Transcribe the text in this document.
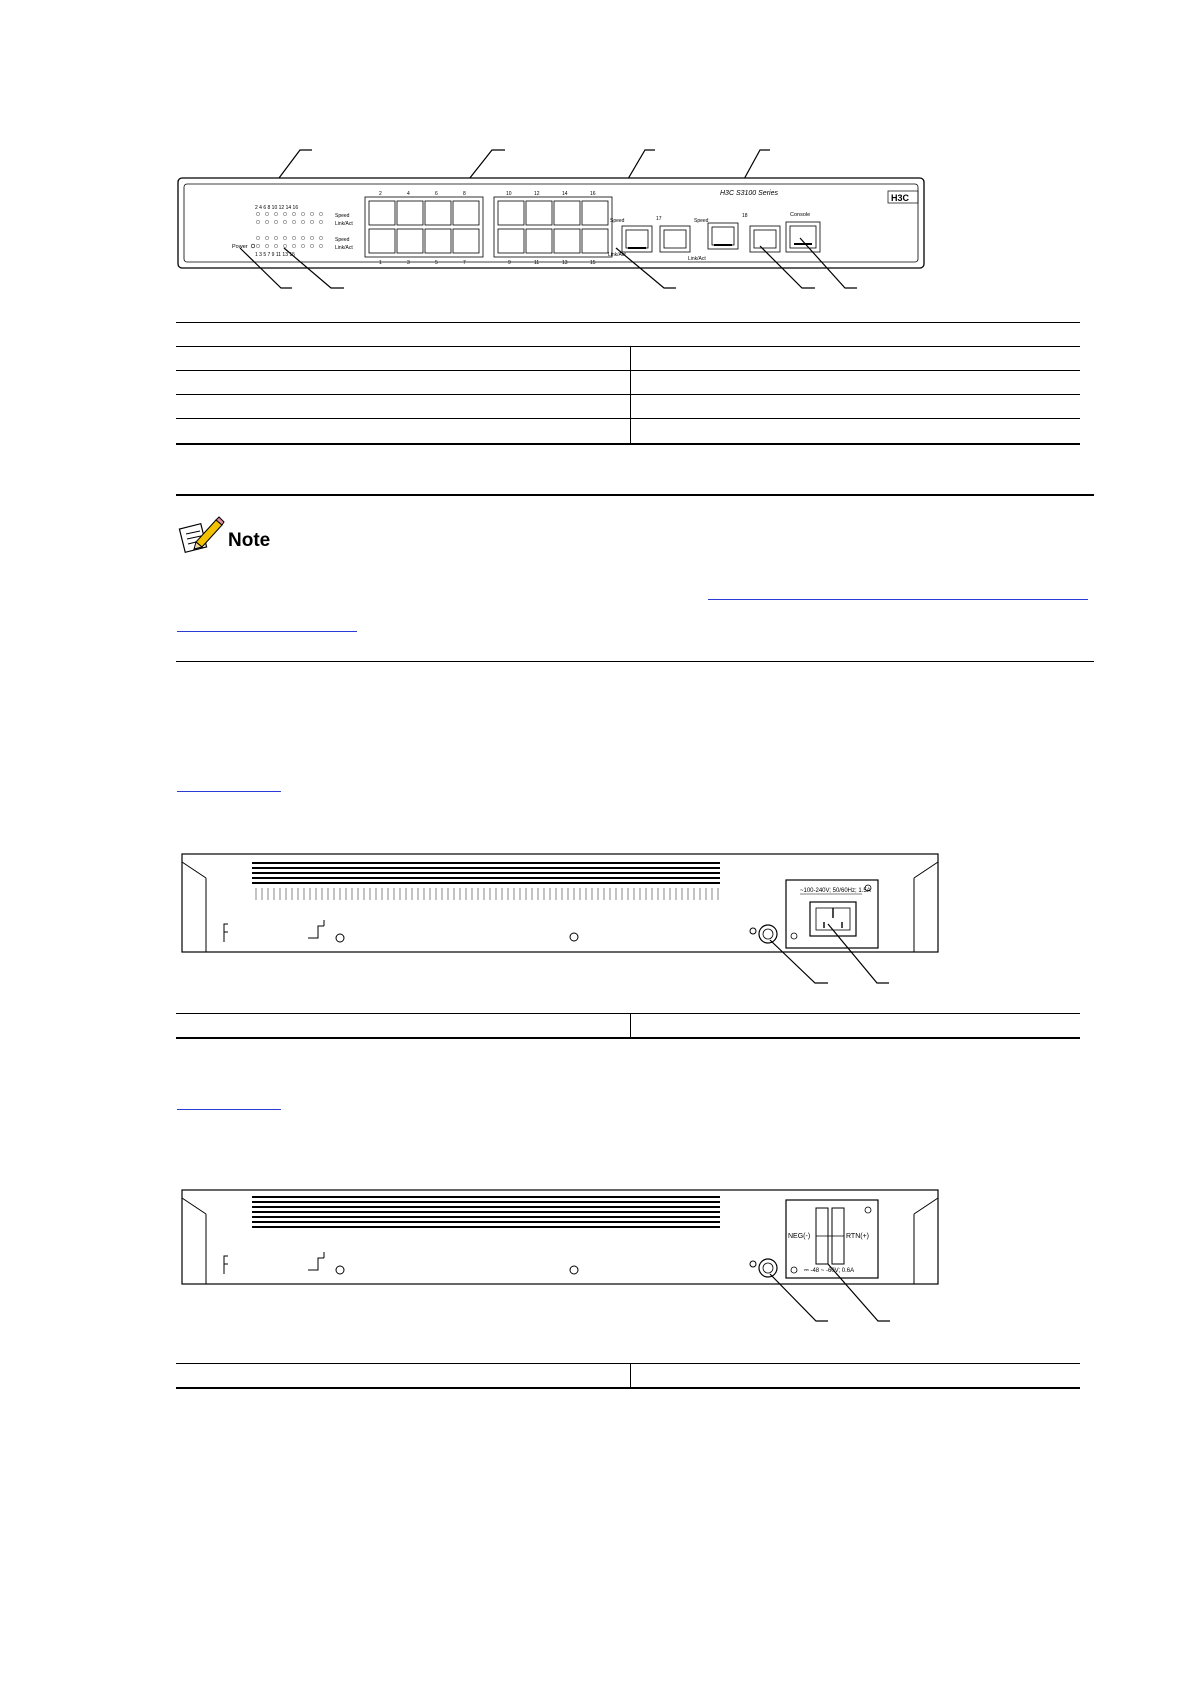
H3C S3100 Series	H3C
2 4 6 8 10 12 14 16
Speed
Link/Act
Speed
Link/Act
1 3 5 7 9 11 13 15
Power
2	4	6	8	10	12	14	16
1	3	5	7	9	11	13	15
Speed
Link/Act
17	Speed
Link/Act
18	Console
Note
~100-240V; 50/60Hz; 1.5A
NEG(-)	RTN(+)
⎓ -48 ~ -60V; 0.6A
